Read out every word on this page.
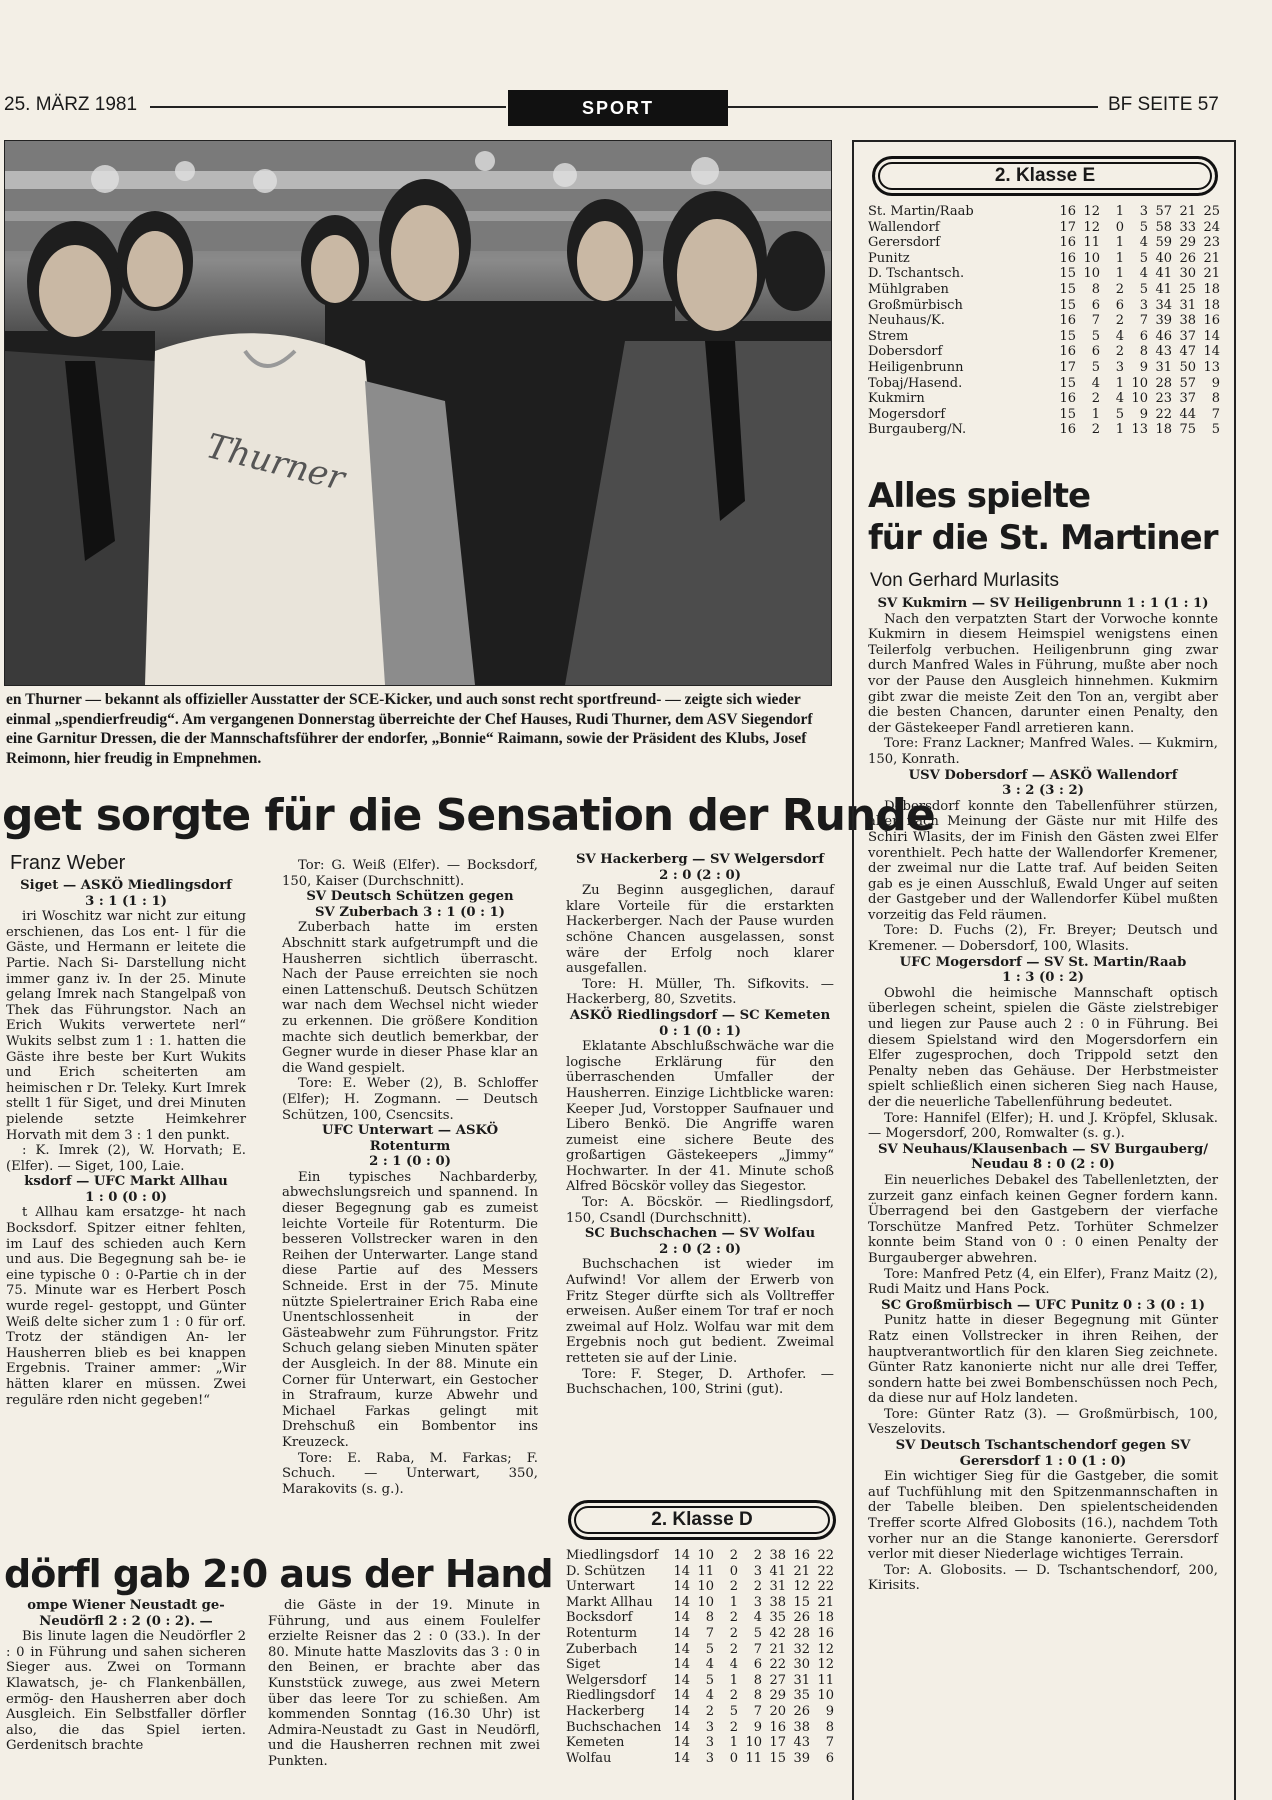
25. MÄRZ 1981	SPORT	BF SEITE 57
Thurner
en Thurner — bekannt als offizieller Ausstatter der SCE-Kicker, und auch sonst recht sportfreund- — zeigte sich wieder einmal „spendierfreudig“. Am vergangenen Donnerstag überreichte der Chef Hauses, Rudi Thurner, dem ASV Siegendorf eine Garnitur Dressen, die der Mannschaftsführer der endorfer, „Bonnie“ Raimann, sowie der Präsident des Klubs, Josef Reimonn, hier freudig in Empnehmen.
get sorgte für die Sensation der Runde
Franz Weber

Siget — ASKÖ Miedlingsdorf

3 : 1 (1 : 1)

iri Woschitz war nicht zur eitung erschienen, das Los ent- l für die Gäste, und Hermann er leitete die Partie. Nach Si- Darstellung nicht immer ganz iv. In der 25. Minute gelang Imrek nach Stangelpaß von Thek das Führungstor. Nach an Erich Wukits verwertete nerl“ Wukits selbst zum 1 : 1. hatten die Gäste ihre beste ber Kurt Wukits und Erich scheiterten am heimischen r Dr. Teleky. Kurt Imrek stellt 1 für Siget, und drei Minuten pielende setzte Heimkehrer Horvath mit dem 3 : 1 den punkt.

: K. Imrek (2), W. Horvath; E. (Elfer). — Siget, 100, Laie.

ksdorf — UFC Markt Allhau

1 : 0 (0 : 0)

t Allhau kam ersatzge- ht nach Bocksdorf. Spitzer eitner fehlten, im Lauf des schieden auch Kern und aus. Die Begegnung sah be- ie eine typische 0 : 0-Partie ch in der 75. Minute war es Herbert Posch wurde regel- gestoppt, und Günter Weiß delte sicher zum 1 : 0 für orf. Trotz der ständigen An- ler Hausherren blieb es bei knappen Ergebnis. Trainer ammer: „Wir hätten klarer en müssen. Zwei reguläre rden nicht gegeben!“

Tor: G. Weiß (Elfer). — Bocksdorf, 150, Kaiser (Durchschnitt).

SV Deutsch Schützen gegen

SV Zuberbach 3 : 1 (0 : 1)

Zuberbach hatte im ersten Abschnitt stark aufgetrumpft und die Hausherren sichtlich überrascht. Nach der Pause erreichten sie noch einen Lattenschuß. Deutsch Schützen war nach dem Wechsel nicht wieder zu erkennen. Die größere Kondition machte sich deutlich bemerkbar, der Gegner wurde in dieser Phase klar an die Wand gespielt.

Tore: E. Weber (2), B. Schloffer (Elfer); H. Zogmann. — Deutsch Schützen, 100, Csencsits.

UFC Unterwart — ASKÖ Rotenturm

2 : 1 (0 : 0)

Ein typisches Nachbarderby, abwechslungsreich und spannend. In dieser Begegnung gab es zumeist leichte Vorteile für Rotenturm. Die besseren Vollstrecker waren in den Reihen der Unterwarter. Lange stand diese Partie auf des Messers Schneide. Erst in der 75. Minute nützte Spielertrainer Erich Raba eine Unentschlossenheit in der Gästeabwehr zum Führungstor. Fritz Schuch gelang sieben Minuten später der Ausgleich. In der 88. Minute ein Corner für Unterwart, ein Gestocher in Strafraum, kurze Abwehr und Michael Farkas gelingt mit Drehschuß ein Bombentor ins Kreuzeck.

Tore: E. Raba, M. Farkas; F. Schuch. — Unterwart, 350, Marakovits (s. g.).

SV Hackerberg — SV Welgersdorf

2 : 0 (2 : 0)

Zu Beginn ausgeglichen, darauf klare Vorteile für die erstarkten Hackerberger. Nach der Pause wurden schöne Chancen ausgelassen, sonst wäre der Erfolg noch klarer ausgefallen.

Tore: H. Müller, Th. Sifkovits. — Hackerberg, 80, Szvetits.

ASKÖ Riedlingsdorf — SC Kemeten

0 : 1 (0 : 1)

Eklatante Abschlußschwäche war die logische Erklärung für den überraschenden Umfaller der Hausherren. Einzige Lichtblicke waren: Keeper Jud, Vorstopper Saufnauer und Libero Benkö. Die Angriffe waren zumeist eine sichere Beute des großartigen Gästekeepers „Jimmy“ Hochwarter. In der 41. Minute schoß Alfred Böcskör volley das Siegestor.

Tor: A. Böcskör. — Riedlingsdorf, 150, Csandl (Durchschnitt).

SC Buchschachen — SV Wolfau

2 : 0 (2 : 0)

Buchschachen ist wieder im Aufwind! Vor allem der Erwerb von Fritz Steger dürfte sich als Volltreffer erweisen. Außer einem Tor traf er noch zweimal auf Holz. Wolfau war mit dem Ergebnis noch gut bedient. Zweimal retteten sie auf der Linie.

Tore: F. Steger, D. Arthofer. — Buchschachen, 100, Strini (gut).

dörfl gab 2:0 aus der Hand

ompe Wiener Neustadt ge-

Neudörfl 2 : 2 (0 : 2). —

Bis linute lagen die Neudörfler 2 : 0 in Führung und sahen sicheren Sieger aus. Zwei on Tormann Klawatsch, je- ch Flankenbällen, ermög- den Hausherren aber doch Ausgleich. Ein Selbstfaller dörfler also, die das Spiel ierten. Gerdenitsch brachte

die Gäste in der 19. Minute in Führung, und aus einem Foulelfer erzielte Reisner das 2 : 0 (33.). In der 80. Minute hatte Maszlovits das 3 : 0 in den Beinen, er brachte aber das Kunststück zuwege, aus zwei Metern über das leere Tor zu schießen. Am kommenden Sonntag (16.30 Uhr) ist Admira-Neustadt zu Gast in Neudörfl, und die Hausherren rechnen mit zwei Punkten.

2. Klasse D
Miedlingsdorf	14	10	2	2	38	16	22
D. Schützen	14	11	0	3	41	21	22
Unterwart	14	10	2	2	31	12	22
Markt Allhau	14	10	1	3	38	15	21
Bocksdorf	14	8	2	4	35	26	18
Rotenturm	14	7	2	5	42	28	16
Zuberbach	14	5	2	7	21	32	12
Siget	14	4	4	6	22	30	12
Welgersdorf	14	5	1	8	27	31	11
Riedlingsdorf	14	4	2	8	29	35	10
Hackerberg	14	2	5	7	20	26	9
Buchschachen	14	3	2	9	16	38	8
Kemeten	14	3	1	10	17	43	7
Wolfau	14	3	0	11	15	39	6
2. Klasse E
St. Martin/Raab	16	12	1	3	57	21	25
Wallendorf	17	12	0	5	58	33	24
Gerersdorf	16	11	1	4	59	29	23
Punitz	16	10	1	5	40	26	21
D. Tschantsch.	15	10	1	4	41	30	21
Mühlgraben	15	8	2	5	41	25	18
Großmürbisch	15	6	6	3	34	31	18
Neuhaus/K.	16	7	2	7	39	38	16
Strem	15	5	4	6	46	37	14
Dobersdorf	16	6	2	8	43	47	14
Heiligenbrunn	17	5	3	9	31	50	13
Tobaj/Hasend.	15	4	1	10	28	57	9
Kukmirn	16	2	4	10	23	37	8
Mogersdorf	15	1	5	9	22	44	7
Burgauberg/N.	16	2	1	13	18	75	5
Alles spielte
für die St. Martiner
Von Gerhard Murlasits

SV Kukmirn — SV Heiligenbrunn 1 : 1 (1 : 1)

Nach den verpatzten Start der Vorwoche konnte Kukmirn in diesem Heimspiel wenigstens einen Teilerfolg verbuchen. Heiligenbrunn ging zwar durch Manfred Wales in Führung, mußte aber noch vor der Pause den Ausgleich hinnehmen. Kukmirn gibt zwar die meiste Zeit den Ton an, vergibt aber die besten Chancen, darunter einen Penalty, den der Gästekeeper Fandl arretieren kann.

Tore: Franz Lackner; Manfred Wales. — Kukmirn, 150, Konrath.

USV Dobersdorf — ASKÖ Wallendorf

3 : 2 (3 : 2)

Dobersdorf konnte den Tabellenführer stürzen, aber nach Meinung der Gäste nur mit Hilfe des Schiri Wlasits, der im Finish den Gästen zwei Elfer vorenthielt. Pech hatte der Wallendorfer Kremener, der zweimal nur die Latte traf. Auf beiden Seiten gab es je einen Ausschluß, Ewald Unger auf seiten der Gastgeber und der Wallendorfer Kübel mußten vorzeitig das Feld räumen.

Tore: D. Fuchs (2), Fr. Breyer; Deutsch und Kremener. — Dobersdorf, 100, Wlasits.

UFC Mogersdorf — SV St. Martin/Raab

1 : 3 (0 : 2)

Obwohl die heimische Mannschaft optisch überlegen scheint, spielen die Gäste zielstrebiger und liegen zur Pause auch 2 : 0 in Führung. Bei diesem Spielstand wird den Mogersdorfern ein Elfer zugesprochen, doch Trippold setzt den Penalty neben das Gehäuse. Der Herbstmeister spielt schließlich einen sicheren Sieg nach Hause, der die neuerliche Tabellenführung bedeutet.

Tore: Hannifel (Elfer); H. und J. Kröpfel, Sklusak. — Mogersdorf, 200, Romwalter (s. g.).

SV Neuhaus/Klausenbach — SV Burgauberg/ Neudau 8 : 0 (2 : 0)

Ein neuerliches Debakel des Tabellenletzten, der zurzeit ganz einfach keinen Gegner fordern kann. Überragend bei den Gastgebern der vierfache Torschütze Manfred Petz. Torhüter Schmelzer konnte beim Stand von 0 : 0 einen Penalty der Burgauberger abwehren.

Tore: Manfred Petz (4, ein Elfer), Franz Maitz (2), Rudi Maitz und Hans Pock.

SC Großmürbisch — UFC Punitz 0 : 3 (0 : 1)

Punitz hatte in dieser Begegnung mit Günter Ratz einen Vollstrecker in ihren Reihen, der hauptverantwortlich für den klaren Sieg zeichnete. Günter Ratz kanonierte nicht nur alle drei Teffer, sondern hatte bei zwei Bombenschüssen noch Pech, da diese nur auf Holz landeten.

Tore: Günter Ratz (3). — Großmürbisch, 100, Veszelovits.

SV Deutsch Tschantschendorf gegen SV Gerersdorf 1 : 0 (1 : 0)

Ein wichtiger Sieg für die Gastgeber, die somit auf Tuchfühlung mit den Spitzenmannschaften in der Tabelle bleiben. Den spielentscheidenden Treffer scorte Alfred Globosits (16.), nachdem Toth vorher nur an die Stange kanonierte. Gerersdorf verlor mit dieser Niederlage wichtiges Terrain.

Tor: A. Globosits. — D. Tschantschendorf, 200, Kirisits.
